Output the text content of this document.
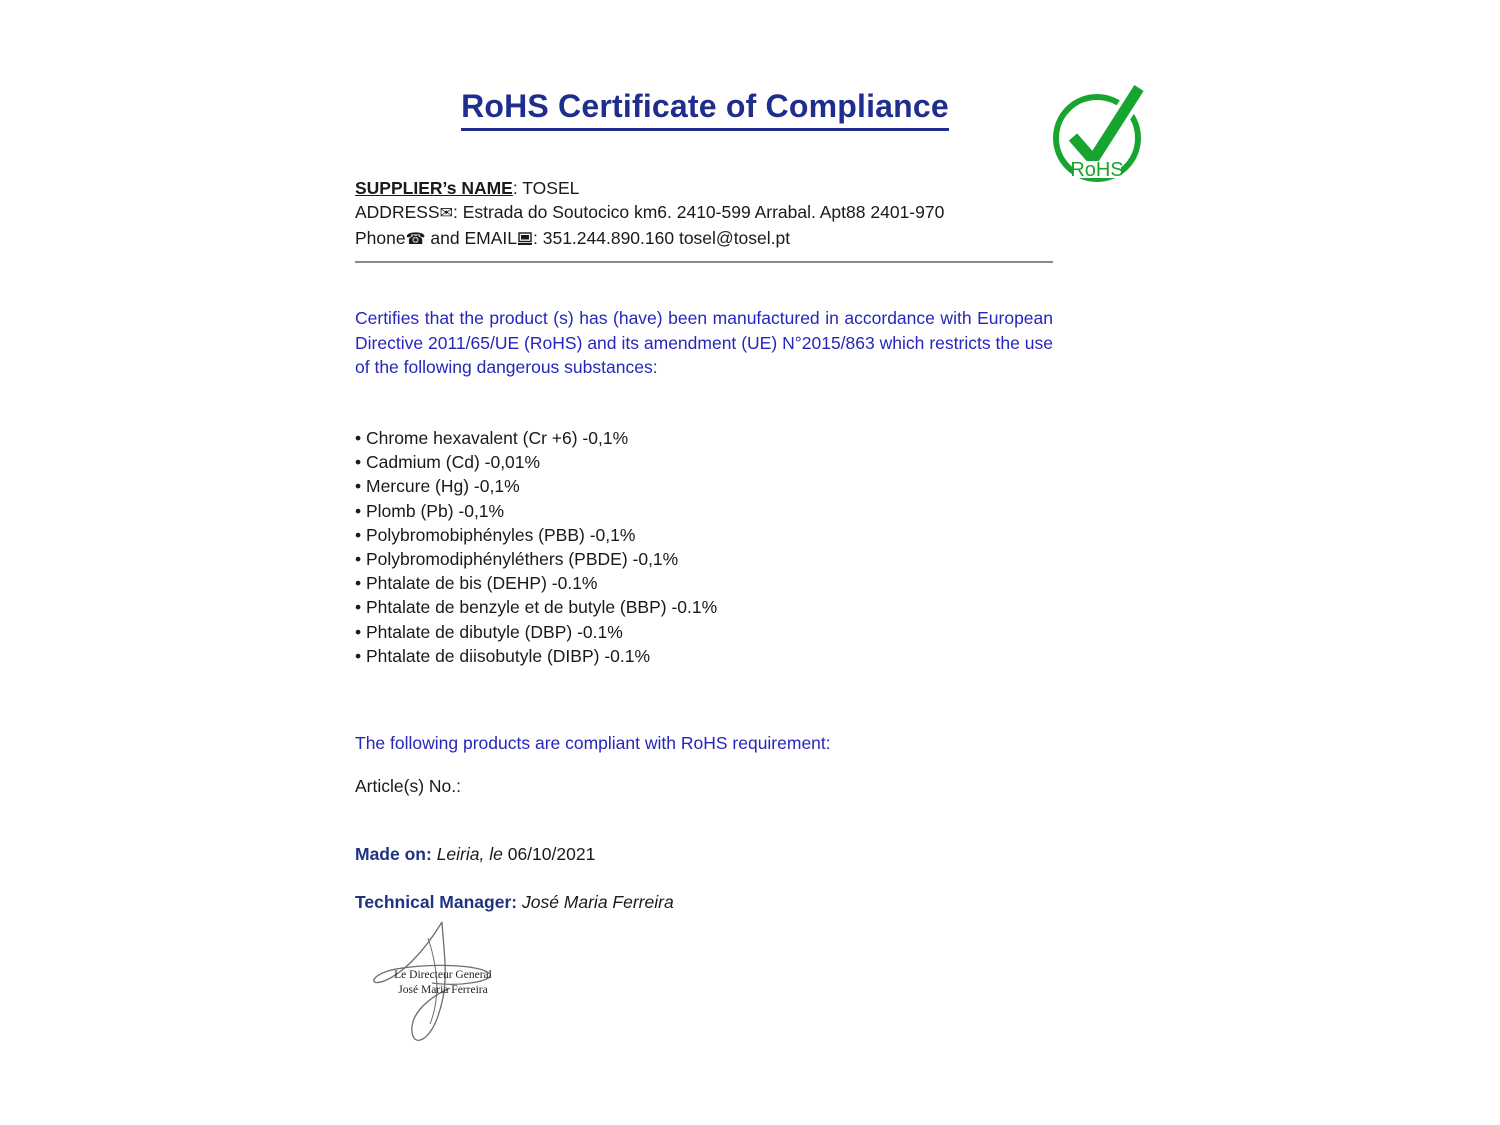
RoHS Certificate of Compliance
RoHS
SUPPLIER’s NAME: TOSEL
ADDRESS✉: Estrada do Soutocico km6. 2410-599 Arrabal. Apt88 2401-970
Phone☎ and EMAIL : 351.244.890.160 tosel@tosel.pt
Certifies that the product (s) has (have) been manufactured in accordance with European Directive 2011/65/UE (RoHS) and its amendment (UE) N°2015/863 which restricts the use of the following dangerous substances:
• Chrome hexavalent (Cr +6) -0,1%
• Cadmium (Cd) -0,01%
• Mercure (Hg) -0,1%
• Plomb (Pb) -0,1%
• Polybromobiphényles (PBB) -0,1%
• Polybromodiphényléthers (PBDE) -0,1%
• Phtalate de bis (DEHP) -0.1%
• Phtalate de benzyle et de butyle (BBP) -0.1%
• Phtalate de dibutyle (DBP) -0.1%
• Phtalate de diisobutyle (DIBP) -0.1%
The following products are compliant with RoHS requirement:
Article(s) No.:
Made on: Leiria, le 06/10/2021
Technical Manager: José Maria Ferreira
Le Directeur General
José Maria Ferreira
